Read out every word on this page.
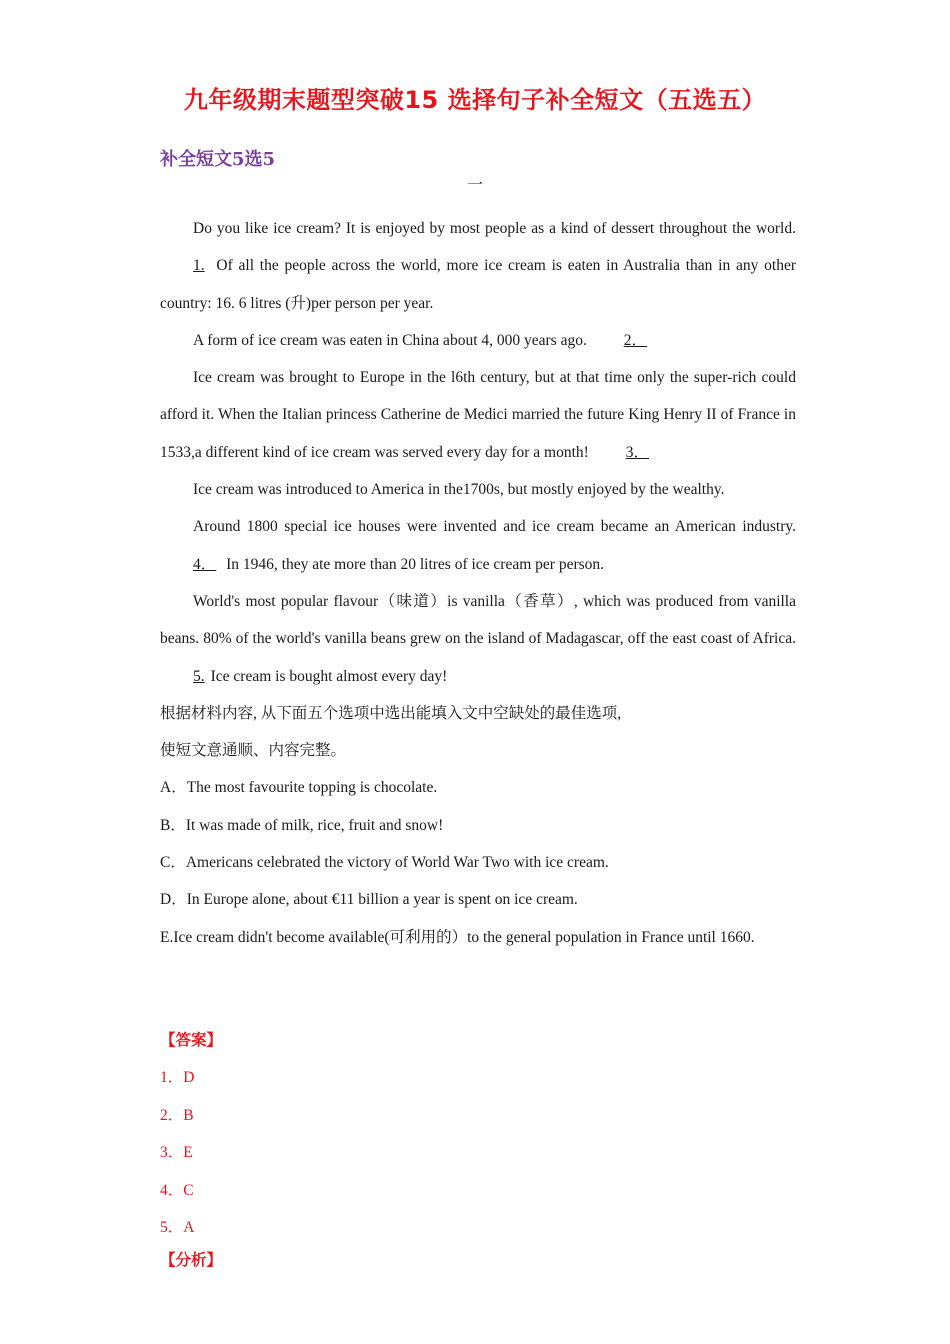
九年级期末题型突破15 选择句子补全短文（五选五）
补全短文5选5
一

Do you like ice cream? It is enjoyed by most people as a kind of dessert throughout the world. 1. Of all the people across the world, more ice cream is eaten in Australia than in any other country: 16. 6 litres (升)per person per year.

A form of ice cream was eaten in China about 4, 000 years ago. 2．

Ice cream was brought to Europe in the l6th century, but at that time only the super-rich could afford it. When the Italian princess Catherine de Medici married the future King Henry II of France in 1533,a different kind of ice cream was served every day for a month! 3．

Ice cream was introduced to America in the1700s, but mostly enjoyed by the wealthy.

Around 1800 special ice houses were invented and ice cream became an American industry. 4． In 1946, they ate more than 20 litres of ice cream per person.

World's most popular flavour（味道）is vanilla（香草）, which was produced from vanilla beans. 80% of the world's vanilla beans grew on the island of Madagascar, off the east coast of Africa. 5. Ice cream is bought almost every day!

根据材料内容, 从下面五个选项中选出能填入文中空缺处的最佳选项,

使短文意通顺、内容完整。

A．The most favourite topping is chocolate.

B．It was made of milk, rice, fruit and snow!

C．Americans celebrated the victory of World War Two with ice cream.

D．In Europe alone, about €11 billion a year is spent on ice cream.

E.Ice cream didn't become available(可利用的）to the general population in France until 1660.

【答案】
1．D
2．B
3．E
4．C
5．A
【分析】
